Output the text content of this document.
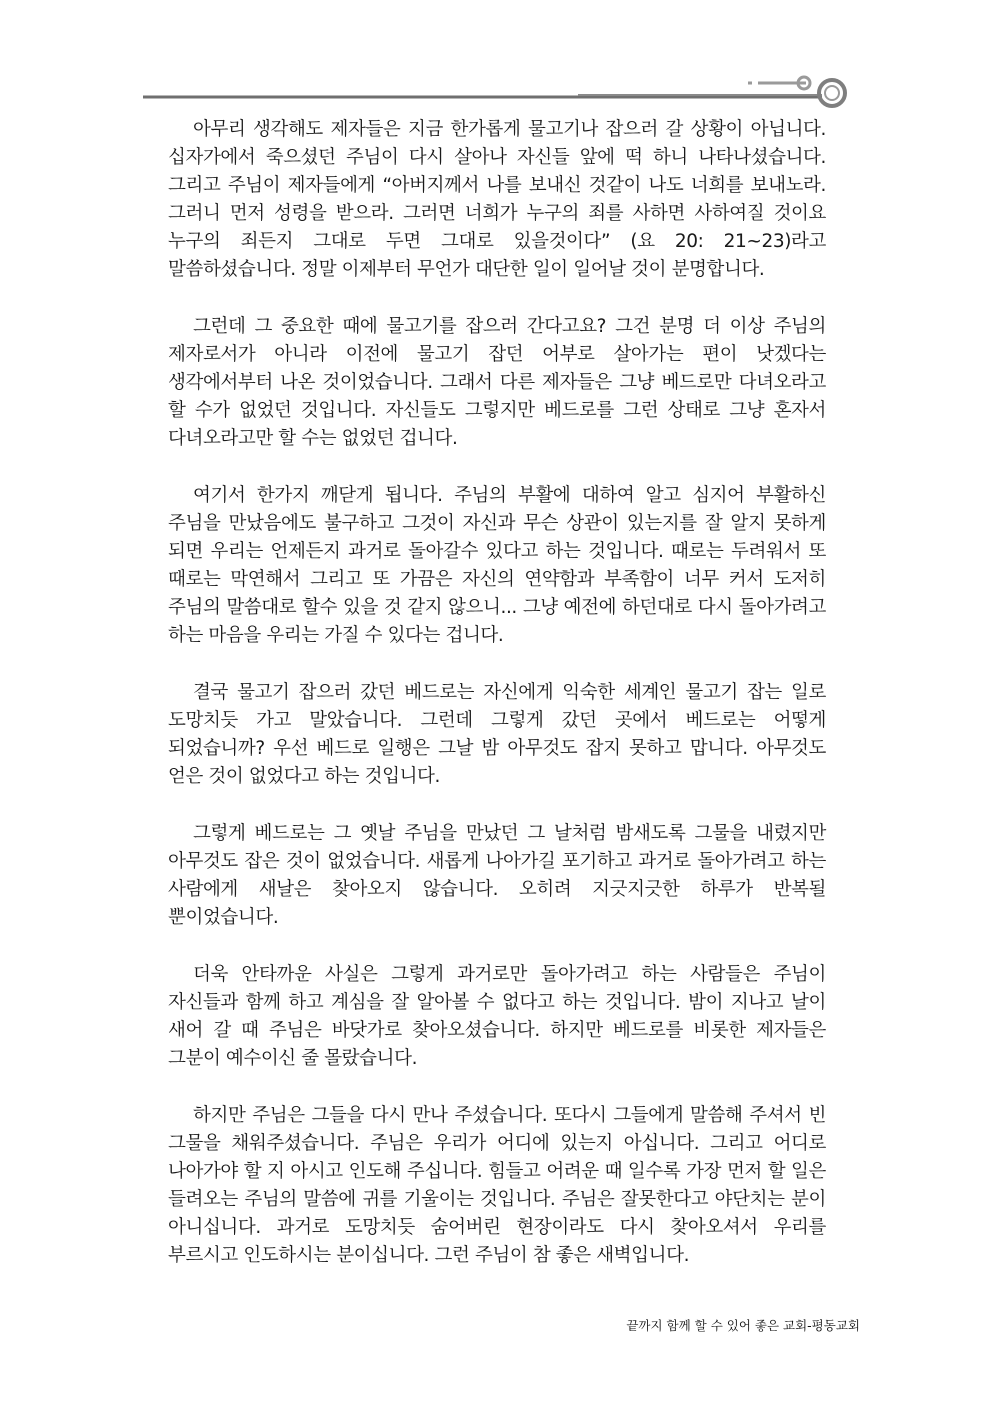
아무리 생각해도 제자들은 지금 한가롭게 물고기나 잡으러 갈 상황이 아닙니다. 십자가에서 죽으셨던 주님이 다시 살아나 자신들 앞에 떡 하니 나타나셨습니다. 그리고 주님이 제자들에게 “아버지께서 나를 보내신 것같이 나도 너희를 보내노라. 그러니 먼저 성령을 받으라. 그러면 너희가 누구의 죄를 사하면 사하여질 것이요 누구의 죄든지 그대로 두면 그대로 있을것이다” (요 20: 21~23)라고 말씀하셨습니다. 정말 이제부터 무언가 대단한 일이 일어날 것이 분명합니다.

그런데 그 중요한 때에 물고기를 잡으러 간다고요? 그건 분명 더 이상 주님의 제자로서가 아니라 이전에 물고기 잡던 어부로 살아가는 편이 낫겠다는 생각에서부터 나온 것이었습니다. 그래서 다른 제자들은 그냥 베드로만 다녀오라고 할 수가 없었던 것입니다. 자신들도 그렇지만 베드로를 그런 상태로 그냥 혼자서 다녀오라고만 할 수는 없었던 겁니다.

여기서 한가지 깨닫게 됩니다. 주님의 부활에 대하여 알고 심지어 부활하신 주님을 만났음에도 불구하고 그것이 자신과 무슨 상관이 있는지를 잘 알지 못하게 되면 우리는 언제든지 과거로 돌아갈수 있다고 하는 것입니다. 때로는 두려워서 또 때로는 막연해서 그리고 또 가끔은 자신의 연약함과 부족함이 너무 커서 도저히 주님의 말씀대로 할수 있을 것 같지 않으니... 그냥 예전에 하던대로 다시 돌아가려고 하는 마음을 우리는 가질 수 있다는 겁니다.

결국 물고기 잡으러 갔던 베드로는 자신에게 익숙한 세계인 물고기 잡는 일로 도망치듯 가고 말았습니다. 그런데 그렇게 갔던 곳에서 베드로는 어떻게 되었습니까? 우선 베드로 일행은 그날 밤 아무것도 잡지 못하고 맙니다. 아무것도 얻은 것이 없었다고 하는 것입니다.

그렇게 베드로는 그 옛날 주님을 만났던 그 날처럼 밤새도록 그물을 내렸지만 아무것도 잡은 것이 없었습니다. 새롭게 나아가길 포기하고 과거로 돌아가려고 하는 사람에게 새날은 찾아오지 않습니다. 오히려 지긋지긋한 하루가 반복될 뿐이었습니다.

더욱 안타까운 사실은 그렇게 과거로만 돌아가려고 하는 사람들은 주님이 자신들과 함께 하고 계심을 잘 알아볼 수 없다고 하는 것입니다. 밤이 지나고 날이 새어 갈 때 주님은 바닷가로 찾아오셨습니다. 하지만 베드로를 비롯한 제자들은 그분이 예수이신 줄 몰랐습니다.

하지만 주님은 그들을 다시 만나 주셨습니다. 또다시 그들에게 말씀해 주셔서 빈 그물을 채워주셨습니다. 주님은 우리가 어디에 있는지 아십니다. 그리고 어디로 나아가야 할 지 아시고 인도해 주십니다. 힘들고 어려운 때 일수록 가장 먼저 할 일은 들려오는 주님의 말씀에 귀를 기울이는 것입니다. 주님은 잘못한다고 야단치는 분이 아니십니다. 과거로 도망치듯 숨어버린 현장이라도 다시 찾아오셔서 우리를 부르시고 인도하시는 분이십니다. 그런 주님이 참 좋은 새벽입니다.

끝까지 함께 할 수 있어 좋은 교회-평동교회
